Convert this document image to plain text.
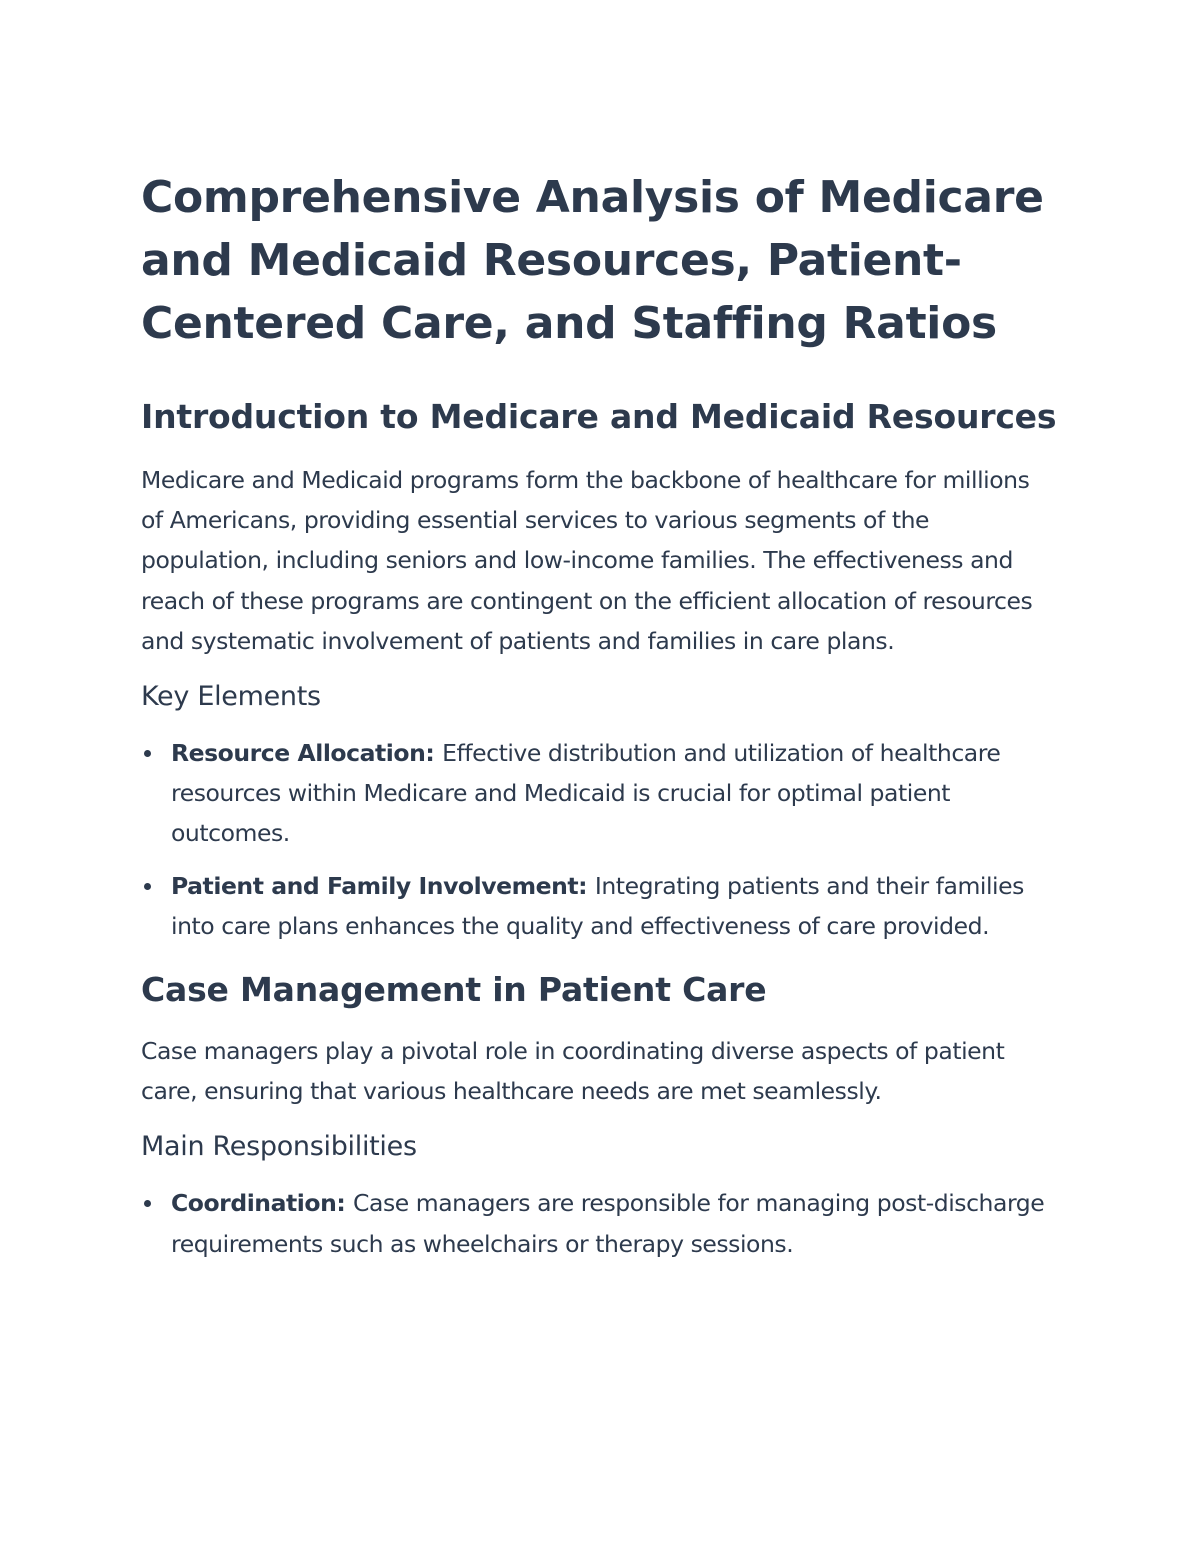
Comprehensive Analysis of Medicare and Medicaid Resources, Patient-Centered Care, and Staffing Ratios
Introduction to Medicare and Medicaid Resources

Medicare and Medicaid programs form the backbone of healthcare for millions of Americans, providing essential services to various segments of the population, including seniors and low-income families. The effectiveness and reach of these programs are contingent on the efficient allocation of resources and systematic involvement of patients and families in care plans.

Key Elements
Resource Allocation: Effective distribution and utilization of healthcare resources within Medicare and Medicaid is crucial for optimal patient outcomes.
Patient and Family Involvement: Integrating patients and their families into care plans enhances the quality and effectiveness of care provided.
Case Management in Patient Care

Case managers play a pivotal role in coordinating diverse aspects of patient care, ensuring that various healthcare needs are met seamlessly.

Main Responsibilities
Coordination: Case managers are responsible for managing post-discharge requirements such as wheelchairs or therapy sessions.
